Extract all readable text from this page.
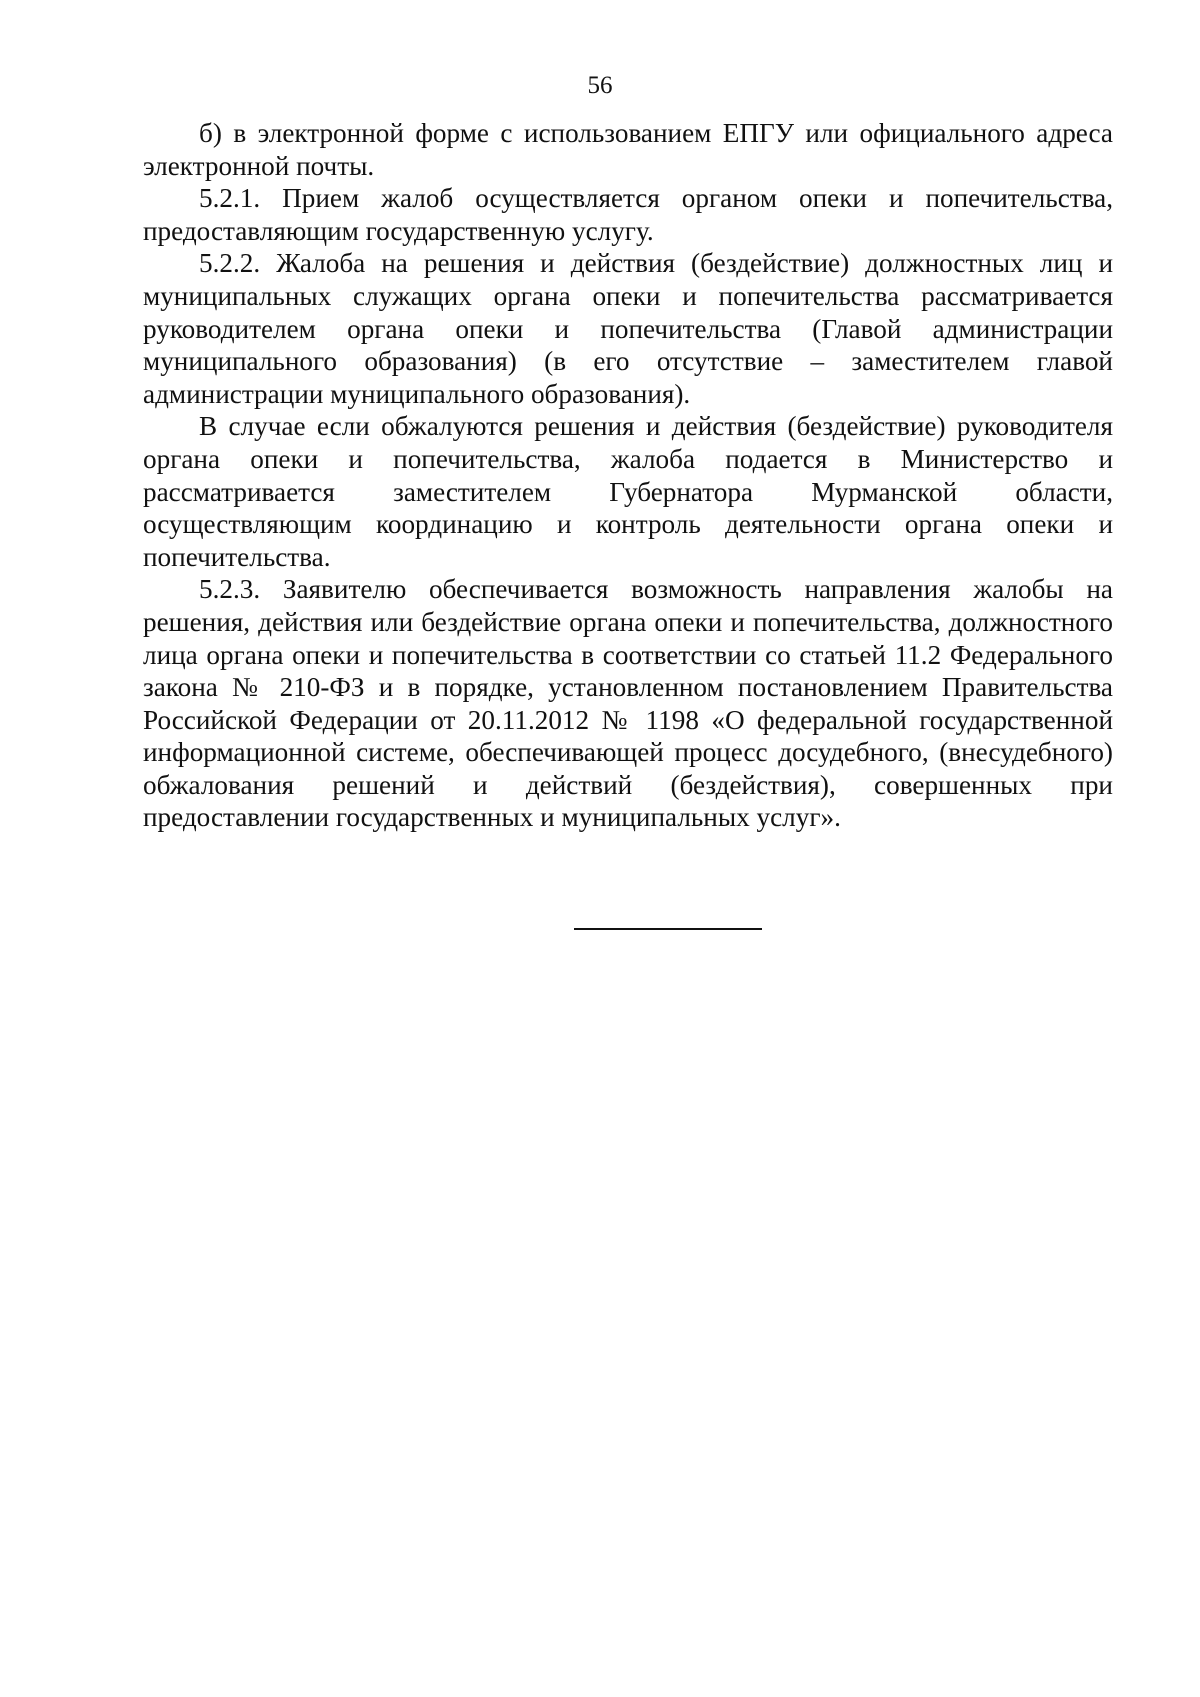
56

б) в электронной форме с использованием ЕПГУ или официального адреса электронной почты.

5.2.1. Прием жалоб осуществляется органом опеки и попечительства, предоставляющим государственную услугу.

5.2.2. Жалоба на решения и действия (бездействие) должностных лиц и муниципальных служащих органа опеки и попечительства рассматривается руководителем органа опеки и попечительства (Главой администрации муниципального образования) (в его отсутствие – заместителем главой администрации муниципального образования).

В случае если обжалуются решения и действия (бездействие) руководителя органа опеки и попечительства, жалоба подается в Министерство и рассматривается заместителем Губернатора Мурманской области, осуществляющим координацию и контроль деятельности органа опеки и попечительства.

5.2.3. Заявителю обеспечивается возможность направления жалобы на решения, действия или бездействие органа опеки и попечительства, должностного лица органа опеки и попечительства в соответствии со статьей 11.2 Федерального закона № 210-ФЗ и в порядке, установленном постановлением Правительства Российской Федерации от 20.11.2012 № 1198 «О федеральной государственной информационной системе, обеспечивающей процесс досудебного, (внесудебного) обжалования решений и действий (бездействия), совершенных при предоставлении государственных и муниципальных услуг».
